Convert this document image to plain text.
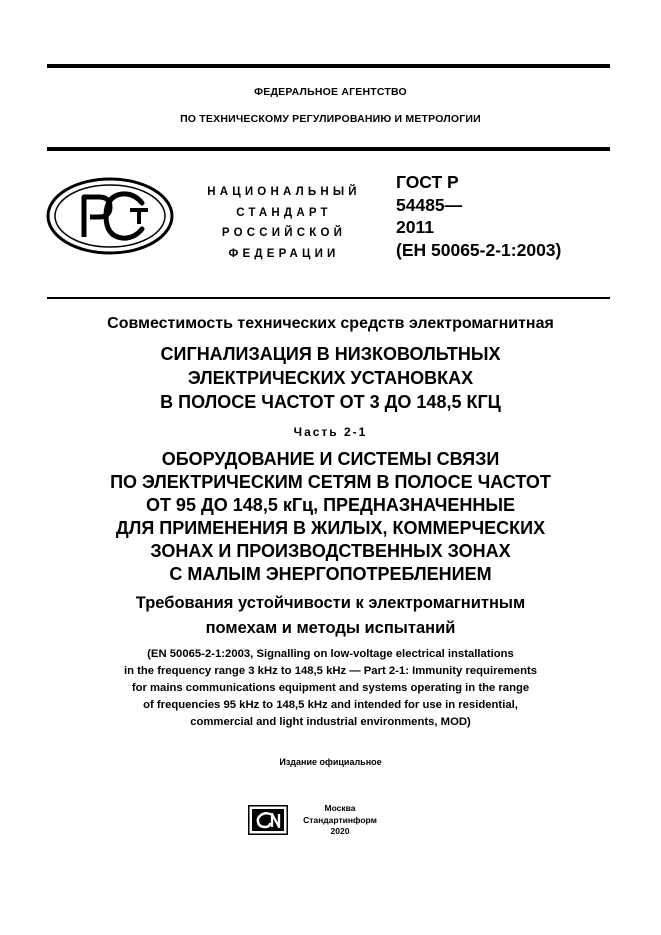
ФЕДЕРАЛЬНОЕ АГЕНТСТВО
ПО ТЕХНИЧЕСКОМУ РЕГУЛИРОВАНИЮ И МЕТРОЛОГИИ
НАЦИОНАЛЬНЫЙ
СТАНДАРТ
РОССИЙСКОЙ
ФЕДЕРАЦИИ
ГОСТ Р
54485—
2011
(ЕН 50065-2-1:2003)
Совместимость технических средств электромагнитная
СИГНАЛИЗАЦИЯ В НИЗКОВОЛЬТНЫХ
ЭЛЕКТРИЧЕСКИХ УСТАНОВКАХ
В ПОЛОСЕ ЧАСТОТ ОТ 3 ДО 148,5 КГЦ
Часть 2-1
ОБОРУДОВАНИЕ И СИСТЕМЫ СВЯЗИ
ПО ЭЛЕКТРИЧЕСКИМ СЕТЯМ В ПОЛОСЕ ЧАСТОТ
ОТ 95 ДО 148,5 кГц, ПРЕДНАЗНАЧЕННЫЕ
ДЛЯ ПРИМЕНЕНИЯ В ЖИЛЫХ, КОММЕРЧЕСКИХ
ЗОНАХ И ПРОИЗВОДСТВЕННЫХ ЗОНАХ
С МАЛЫМ ЭНЕРГОПОТРЕБЛЕНИЕМ
Требования устойчивости к электромагнитным
помехам и методы испытаний
(EN 50065-2-1:2003, Signalling on low-voltage electrical installations
in the frequency range 3 kHz to 148,5 kHz — Part 2-1: Immunity requirements
for mains communications equipment and systems operating in the range
of frequencies 95 kHz to 148,5 kHz and intended for use in residential,
commercial and light industrial environments, MOD)
Издание официальное
Москва
Стандартинформ
2020
